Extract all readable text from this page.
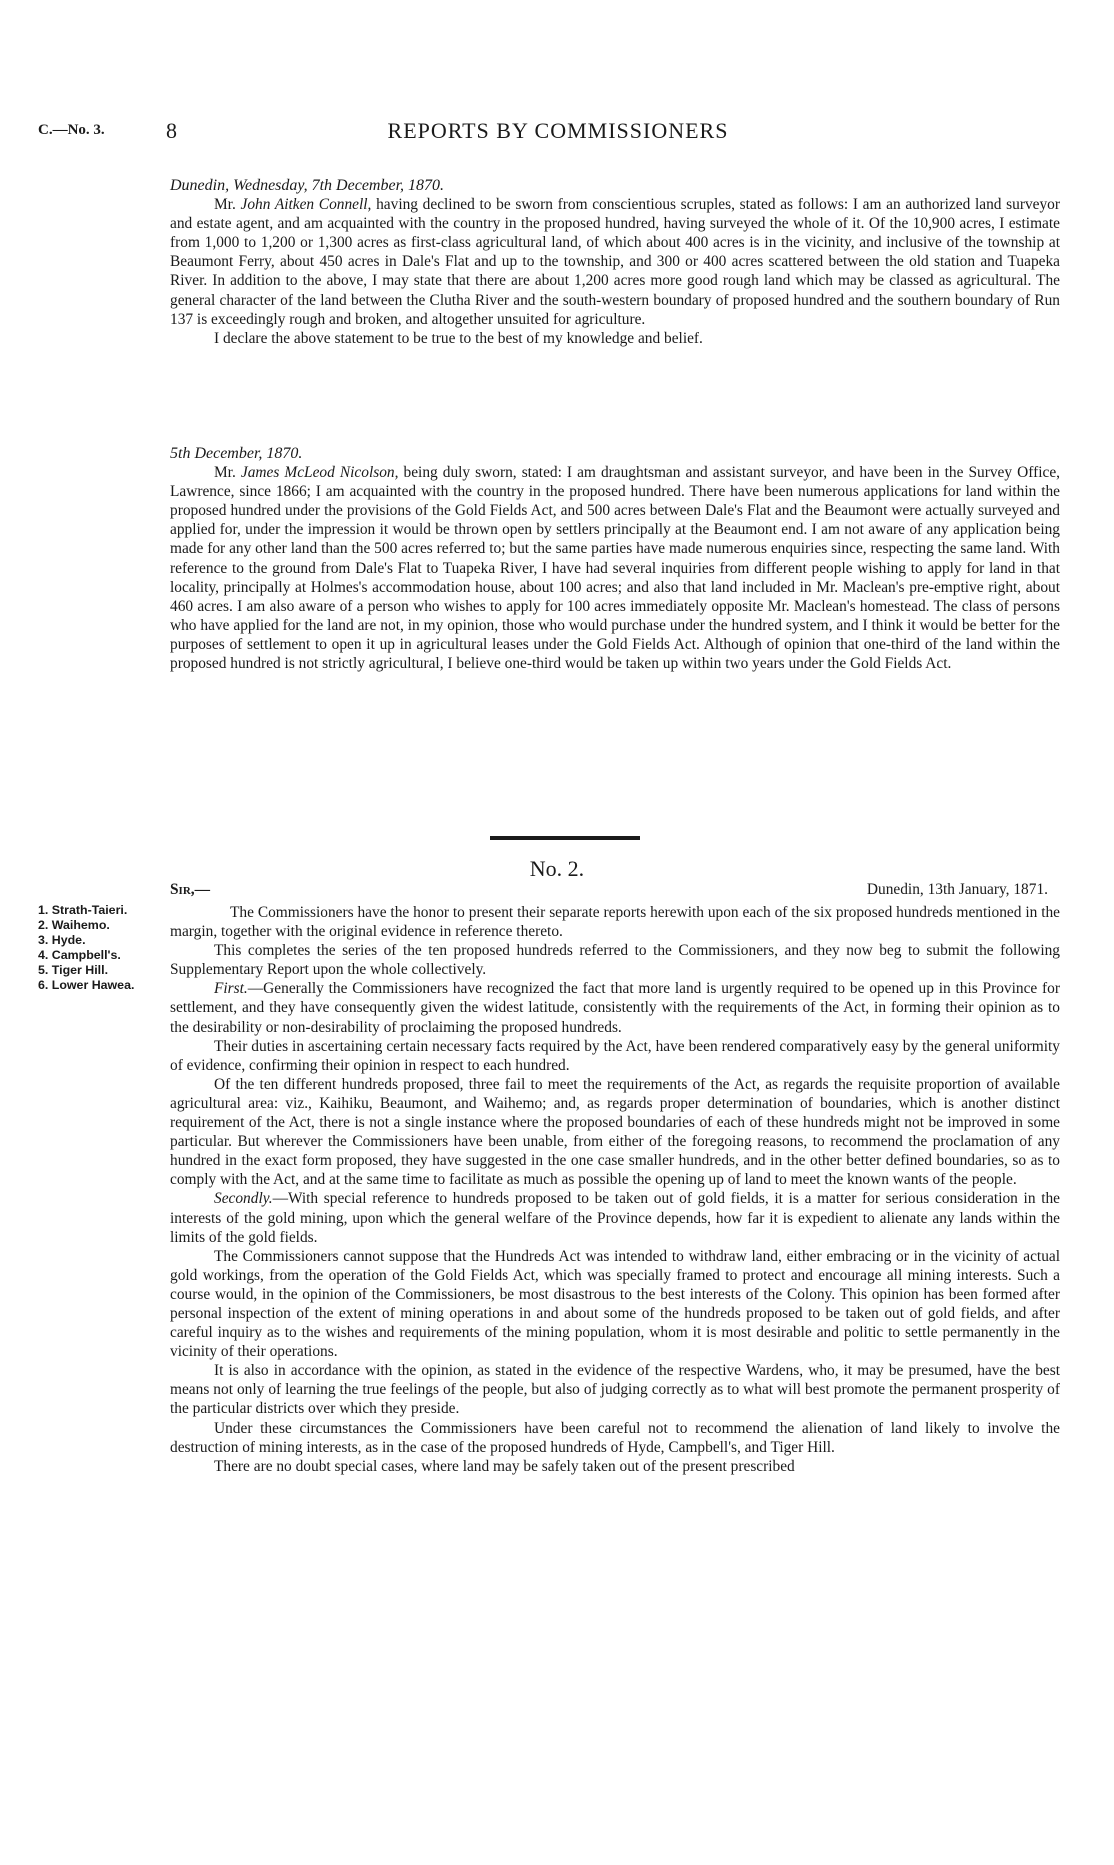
C.—No. 3.	8	REPORTS BY COMMISSIONERS

Dunedin, Wednesday, 7th December, 1870.

Mr. John Aitken Connell, having declined to be sworn from conscientious scruples, stated as follows: I am an authorized land surveyor and estate agent, and am acquainted with the country in the proposed hundred, having surveyed the whole of it. Of the 10,900 acres, I estimate from 1,000 to 1,200 or 1,300 acres as first-class agricultural land, of which about 400 acres is in the vicinity, and inclusive of the township at Beaumont Ferry, about 450 acres in Dale's Flat and up to the township, and 300 or 400 acres scattered between the old station and Tuapeka River. In addition to the above, I may state that there are about 1,200 acres more good rough land which may be classed as agricultural. The general character of the land between the Clutha River and the south-western boundary of proposed hundred and the southern boundary of Run 137 is exceedingly rough and broken, and altogether unsuited for agriculture.

I declare the above statement to be true to the best of my knowledge and belief.

5th December, 1870.

Mr. James McLeod Nicolson, being duly sworn, stated: I am draughtsman and assistant surveyor, and have been in the Survey Office, Lawrence, since 1866; I am acquainted with the country in the proposed hundred. There have been numerous applications for land within the proposed hundred under the provisions of the Gold Fields Act, and 500 acres between Dale's Flat and the Beaumont were actually surveyed and applied for, under the impression it would be thrown open by settlers principally at the Beaumont end. I am not aware of any application being made for any other land than the 500 acres referred to; but the same parties have made numerous enquiries since, respecting the same land. With reference to the ground from Dale's Flat to Tuapeka River, I have had several inquiries from different people wishing to apply for land in that locality, principally at Holmes's accommodation house, about 100 acres; and also that land included in Mr. Maclean's pre-emptive right, about 460 acres. I am also aware of a person who wishes to apply for 100 acres immediately opposite Mr. Maclean's homestead. The class of persons who have applied for the land are not, in my opinion, those who would purchase under the hundred system, and I think it would be better for the purposes of settlement to open it up in agricultural leases under the Gold Fields Act. Although of opinion that one-third of the land within the proposed hundred is not strictly agricultural, I believe one-third would be taken up within two years under the Gold Fields Act.

No. 2.
Sir,—	Dunedin, 13th January, 1871.
1. Strath-Taieri.
2. Waihemo.
3. Hyde.
4. Campbell's.
5. Tiger Hill.
6. Lower Hawea.

The Commissioners have the honor to present their separate reports herewith upon each of the six proposed hundreds mentioned in the margin, together with the original evidence in reference thereto.

This completes the series of the ten proposed hundreds referred to the Commissioners, and they now beg to submit the following Supplementary Report upon the whole collectively.

First.—Generally the Commissioners have recognized the fact that more land is urgently required to be opened up in this Province for settlement, and they have consequently given the widest latitude, consistently with the requirements of the Act, in forming their opinion as to the desirability or non-desirability of proclaiming the proposed hundreds.

Their duties in ascertaining certain necessary facts required by the Act, have been rendered comparatively easy by the general uniformity of evidence, confirming their opinion in respect to each hundred.

Of the ten different hundreds proposed, three fail to meet the requirements of the Act, as regards the requisite proportion of available agricultural area: viz., Kaihiku, Beaumont, and Waihemo; and, as regards proper determination of boundaries, which is another distinct requirement of the Act, there is not a single instance where the proposed boundaries of each of these hundreds might not be improved in some particular. But wherever the Commissioners have been unable, from either of the foregoing reasons, to recommend the proclamation of any hundred in the exact form proposed, they have suggested in the one case smaller hundreds, and in the other better defined boundaries, so as to comply with the Act, and at the same time to facilitate as much as possible the opening up of land to meet the known wants of the people.

Secondly.—With special reference to hundreds proposed to be taken out of gold fields, it is a matter for serious consideration in the interests of the gold mining, upon which the general welfare of the Province depends, how far it is expedient to alienate any lands within the limits of the gold fields.

The Commissioners cannot suppose that the Hundreds Act was intended to withdraw land, either embracing or in the vicinity of actual gold workings, from the operation of the Gold Fields Act, which was specially framed to protect and encourage all mining interests. Such a course would, in the opinion of the Commissioners, be most disastrous to the best interests of the Colony. This opinion has been formed after personal inspection of the extent of mining operations in and about some of the hundreds proposed to be taken out of gold fields, and after careful inquiry as to the wishes and requirements of the mining population, whom it is most desirable and politic to settle permanently in the vicinity of their operations.

It is also in accordance with the opinion, as stated in the evidence of the respective Wardens, who, it may be presumed, have the best means not only of learning the true feelings of the people, but also of judging correctly as to what will best promote the permanent prosperity of the particular districts over which they preside.

Under these circumstances the Commissioners have been careful not to recommend the alienation of land likely to involve the destruction of mining interests, as in the case of the proposed hundreds of Hyde, Campbell's, and Tiger Hill.

There are no doubt special cases, where land may be safely taken out of the present prescribed
